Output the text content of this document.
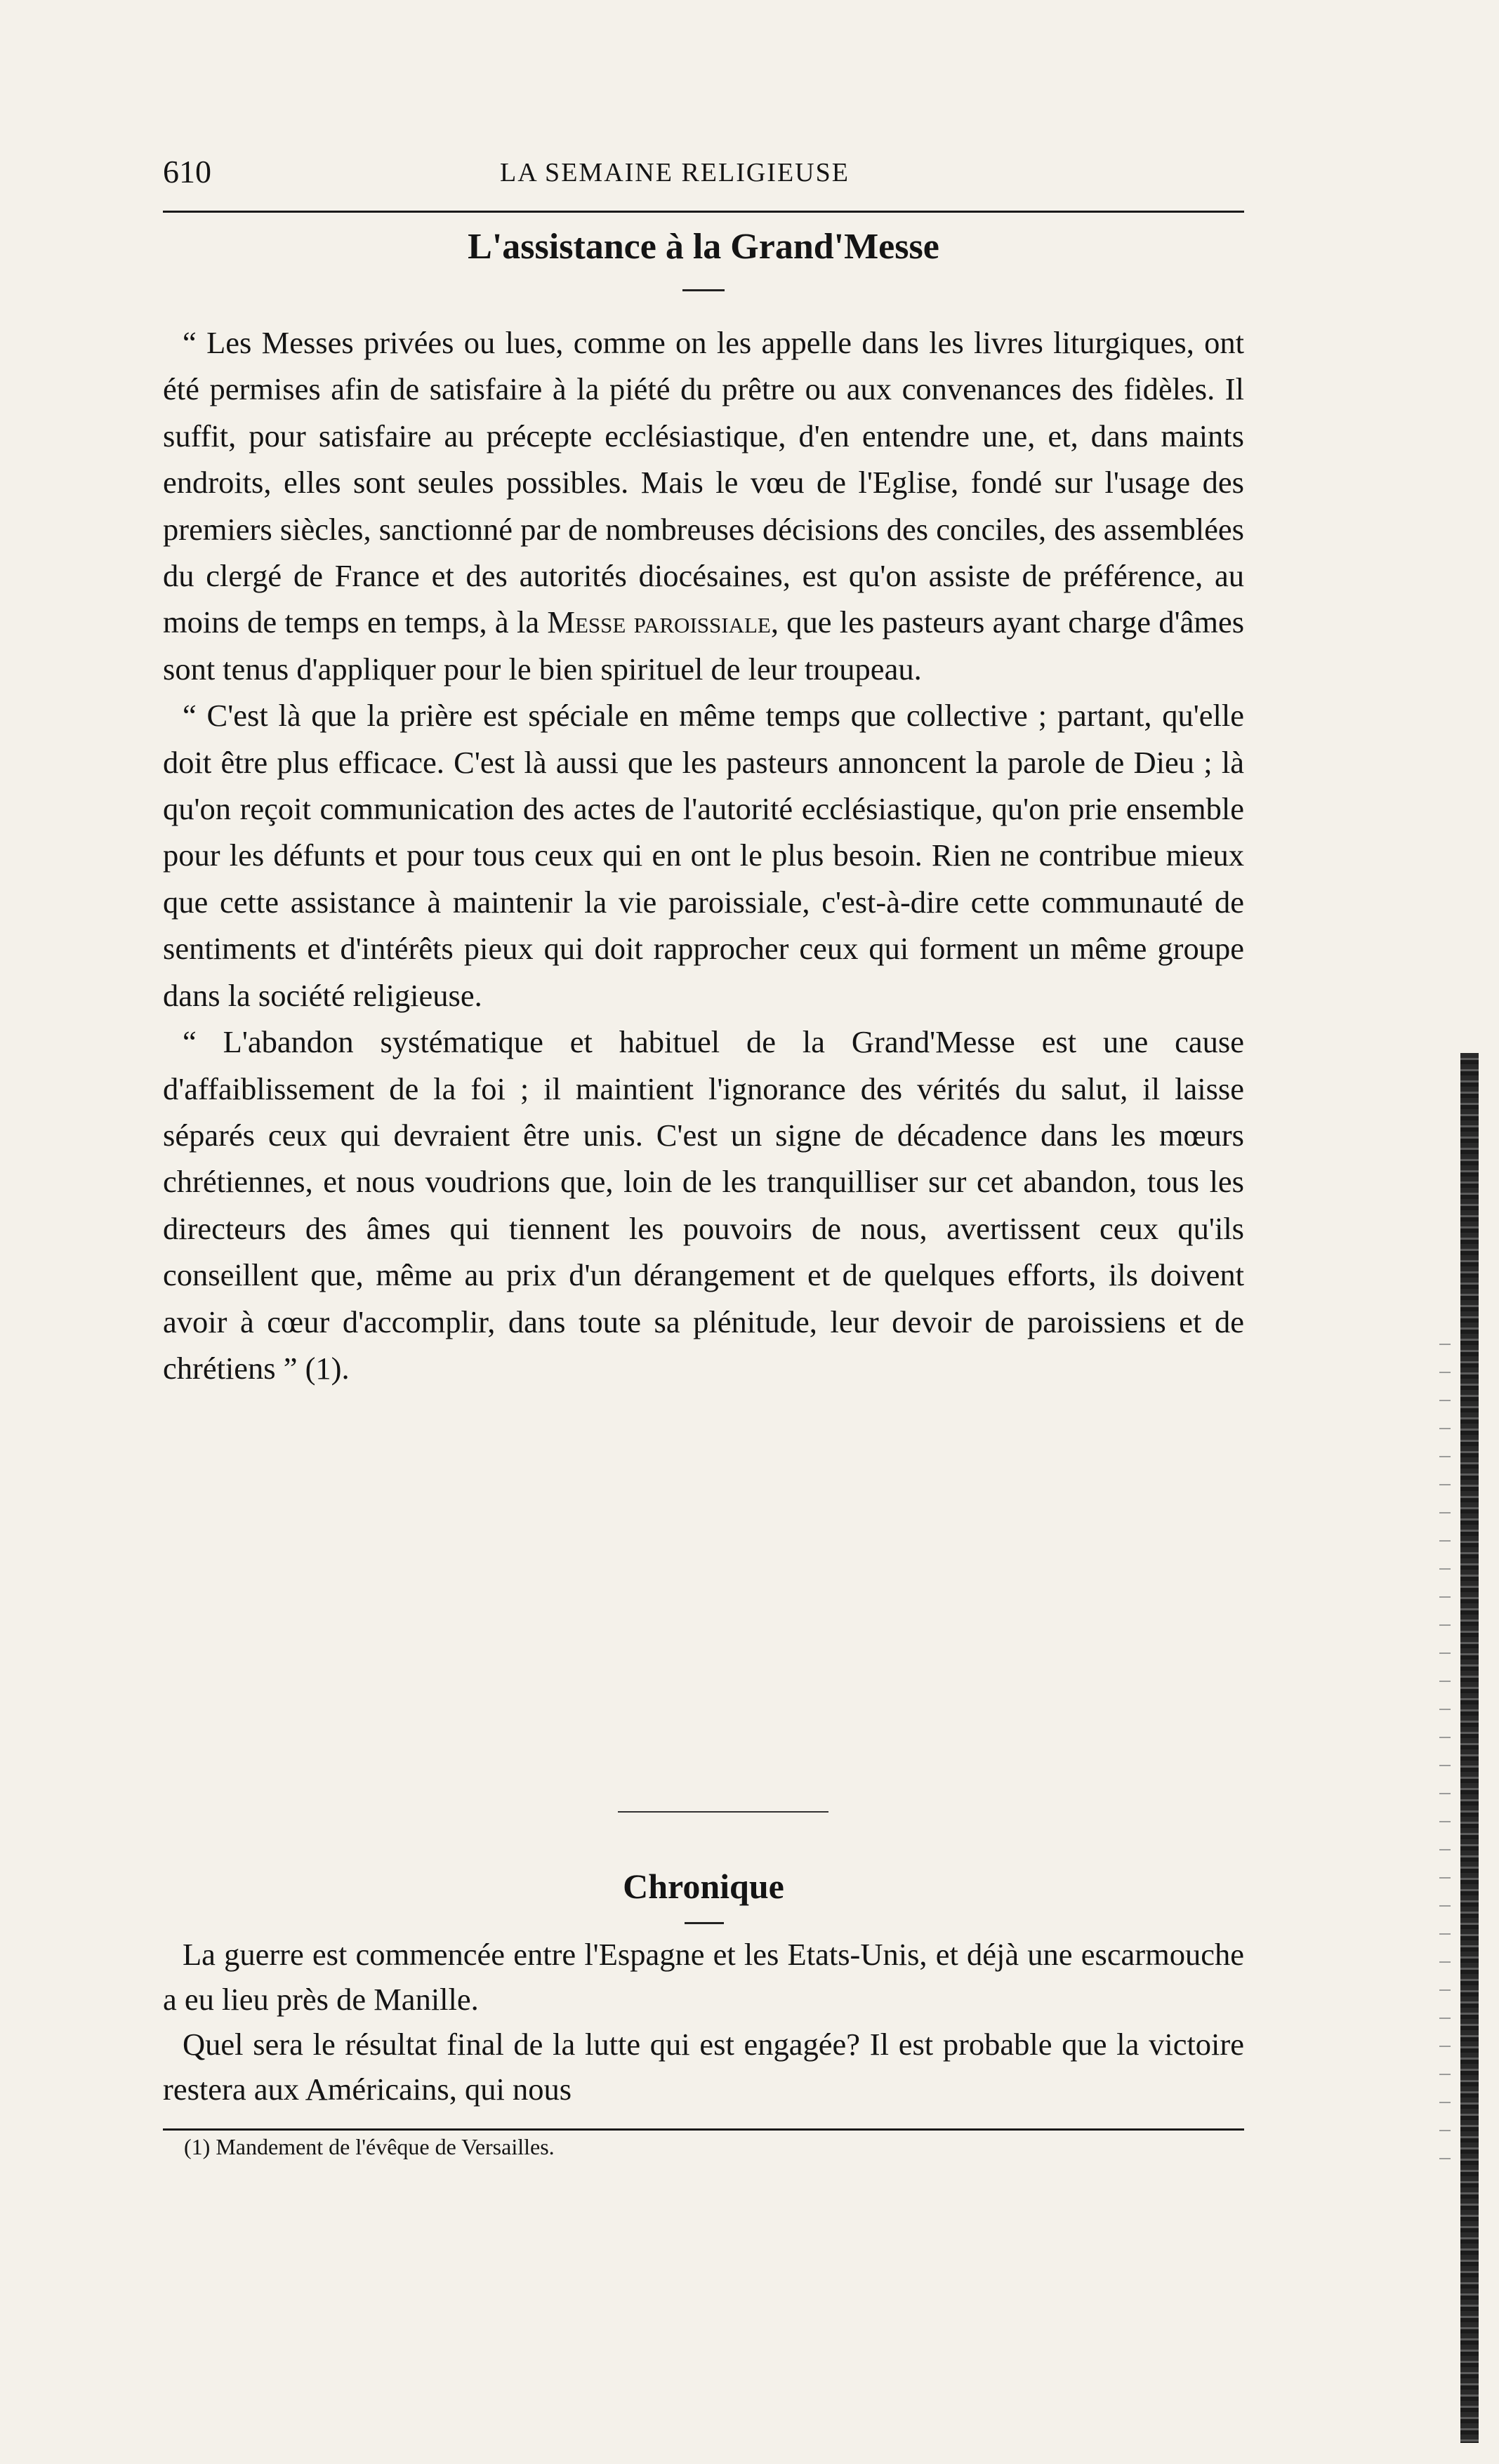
610	LA SEMAINE RELIGIEUSE
L'assistance à la Grand'Messe

“ Les Messes privées ou lues, comme on les appelle dans les livres liturgiques, ont été permises afin de satisfaire à la piété du prêtre ou aux convenances des fidèles. Il suffit, pour satisfaire au précepte ecclésiastique, d'en entendre une, et, dans maints endroits, elles sont seules possibles. Mais le vœu de l'Eglise, fondé sur l'usage des premiers siècles, sanctionné par de nombreuses décisions des conciles, des assemblées du clergé de France et des autorités diocésaines, est qu'on assiste de préférence, au moins de temps en temps, à la Messe paroissiale, que les pasteurs ayant charge d'âmes sont tenus d'appliquer pour le bien spirituel de leur troupeau.

“ C'est là que la prière est spéciale en même temps que collective ; partant, qu'elle doit être plus efficace. C'est là aussi que les pasteurs annoncent la parole de Dieu ; là qu'on reçoit communication des actes de l'autorité ecclésiastique, qu'on prie ensemble pour les défunts et pour tous ceux qui en ont le plus besoin. Rien ne contribue mieux que cette assistance à maintenir la vie paroissiale, c'est-à-dire cette communauté de sentiments et d'intérêts pieux qui doit rapprocher ceux qui forment un même groupe dans la société religieuse.

“ L'abandon systématique et habituel de la Grand'Messe est une cause d'affaiblissement de la foi ; il maintient l'ignorance des vérités du salut, il laisse séparés ceux qui devraient être unis. C'est un signe de décadence dans les mœurs chrétiennes, et nous voudrions que, loin de les tranquilliser sur cet abandon, tous les directeurs des âmes qui tiennent les pouvoirs de nous, avertissent ceux qu'ils conseillent que, même au prix d'un dérangement et de quelques efforts, ils doivent avoir à cœur d'accomplir, dans toute sa plénitude, leur devoir de paroissiens et de chrétiens ” (1).

Chronique

La guerre est commencée entre l'Espagne et les Etats-Unis, et déjà une escarmouche a eu lieu près de Manille.

Quel sera le résultat final de la lutte qui est engagée? Il est probable que la victoire restera aux Américains, qui nous

(1) Mandement de l'évêque de Versailles.
